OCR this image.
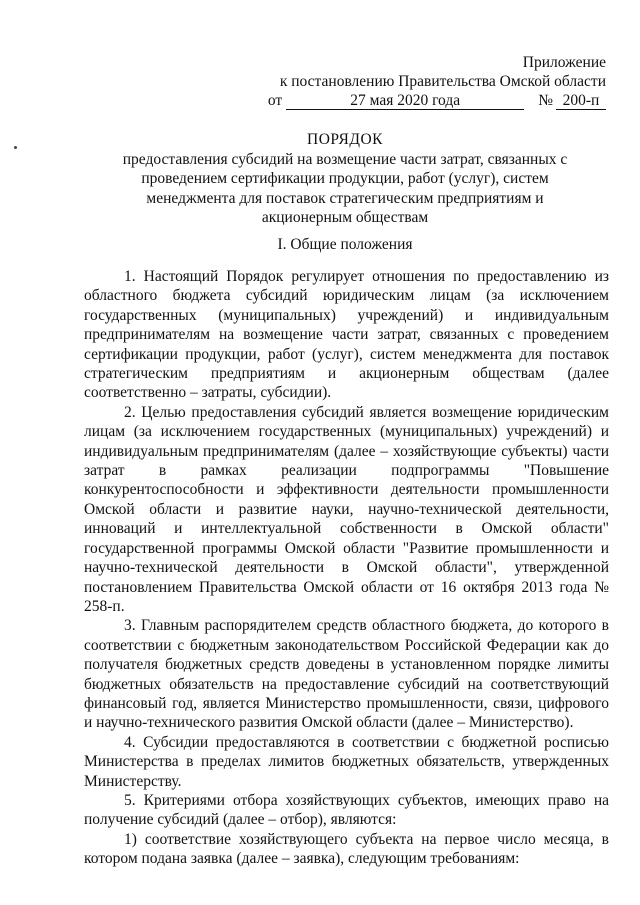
Приложение
к постановлению Правительства Омской области
от	27 мая 2020 года	№ 200-п
ПОРЯДОК
предоставления субсидий на возмещение части затрат, связанных с проведением сертификации продукции, работ (услуг), систем менеджмента для поставок стратегическим предприятиям и акционерным обществам
I. Общие положения

1. Настоящий Порядок регулирует отношения по предоставлению из областного бюджета субсидий юридическим лицам (за исключением государственных (муниципальных) учреждений) и индивидуальным предпринимателям на возмещение части затрат, связанных с проведением сертификации продукции, работ (услуг), систем менеджмента для поставок стратегическим предприятиям и акционерным обществам (далее соответственно – затраты, субсидии).

2. Целью предоставления субсидий является возмещение юридическим лицам (за исключением государственных (муниципальных) учреждений) и индивидуальным предпринимателям (далее – хозяйствующие субъекты) части затрат в рамках реализации подпрограммы "Повышение конкурентоспособности и эффективности деятельности промышленности Омской области и развитие науки, научно-технической деятельности, инноваций и интеллектуальной собственности в Омской области" государственной программы Омской области "Развитие промышленности и научно-технической деятельности в Омской области", утвержденной постановлением Правительства Омской области от 16 октября 2013 года № 258-п.

3. Главным распорядителем средств областного бюджета, до которого в соответствии с бюджетным законодательством Российской Федерации как до получателя бюджетных средств доведены в установленном порядке лимиты бюджетных обязательств на предоставление субсидий на соответствующий финансовый год, является Министерство промышленности, связи, цифрового и научно-технического развития Омской области (далее – Министерство).

4. Субсидии предоставляются в соответствии с бюджетной росписью Министерства в пределах лимитов бюджетных обязательств, утвержденных Министерству.

5. Критериями отбора хозяйствующих субъектов, имеющих право на получение субсидий (далее – отбор), являются:

1) соответствие хозяйствующего субъекта на первое число месяца, в котором подана заявка (далее – заявка), следующим требованиям:
